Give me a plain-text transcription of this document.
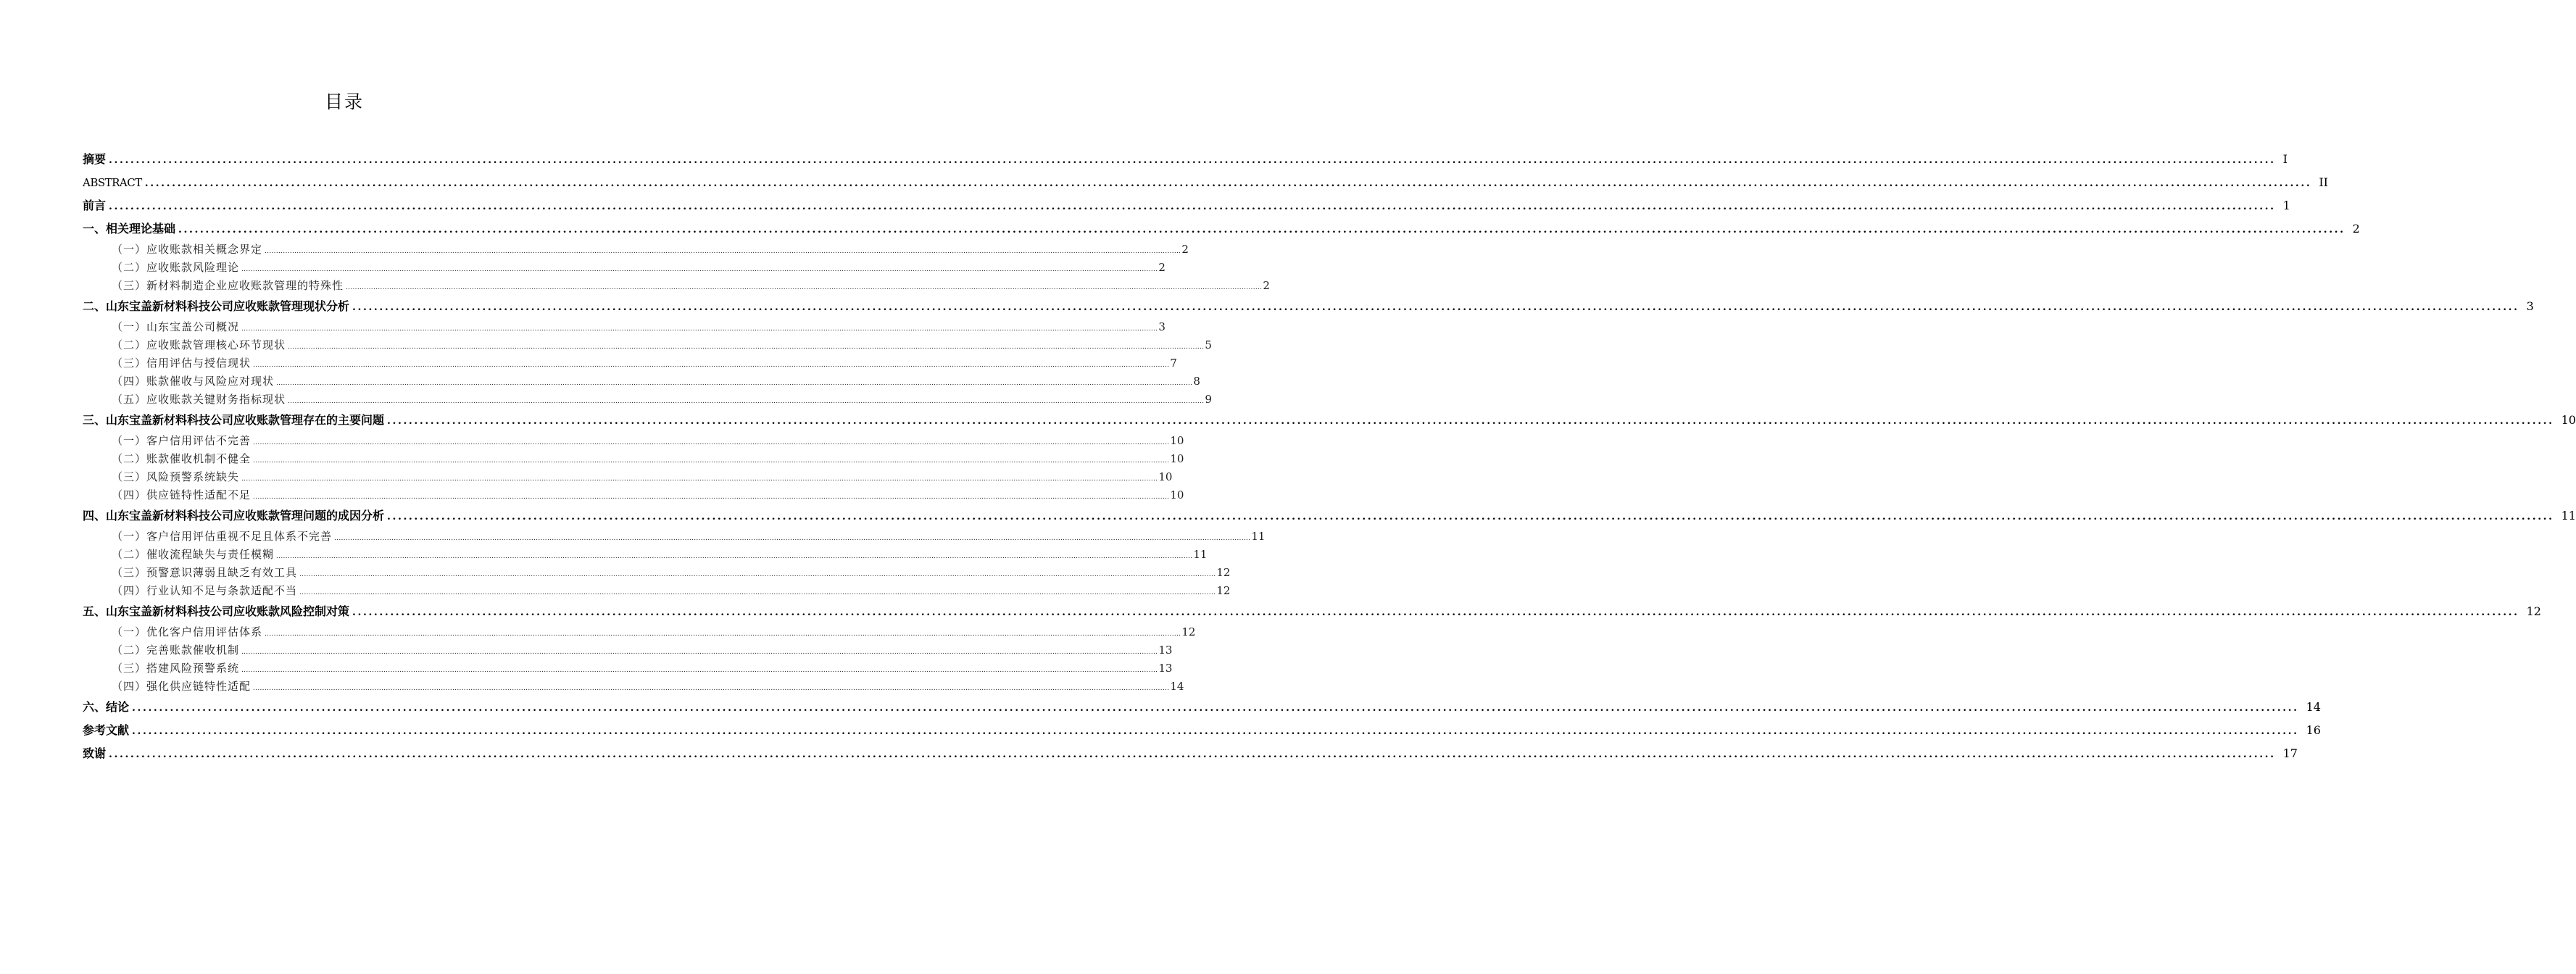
目录
摘要 ................................................................................................................................................................................................................................................................................................................................................................................................................ I
ABSTRACT ................................................................................................................................................................................................................................................................................................................................................................................................................ II
前言 ................................................................................................................................................................................................................................................................................................................................................................................................................ 1
一、相关理论基础 ................................................................................................................................................................................................................................................................................................................................................................................................................ 2
（一）应收账款相关概念界定 ................................................................................................................................................................................................................................................................................................................................................................................................................ 2
（二）应收账款风险理论 ................................................................................................................................................................................................................................................................................................................................................................................................................ 2
（三）新材料制造企业应收账款管理的特殊性 ................................................................................................................................................................................................................................................................................................................................................................................................................ 2
二、山东宝盖新材料科技公司应收账款管理现状分析 ................................................................................................................................................................................................................................................................................................................................................................................................................ 3
（一）山东宝盖公司概况 ................................................................................................................................................................................................................................................................................................................................................................................................................ 3
（二）应收账款管理核心环节现状 ................................................................................................................................................................................................................................................................................................................................................................................................................ 5
（三）信用评估与授信现状 ................................................................................................................................................................................................................................................................................................................................................................................................................ 7
（四）账款催收与风险应对现状 ................................................................................................................................................................................................................................................................................................................................................................................................................ 8
（五）应收账款关键财务指标现状 ................................................................................................................................................................................................................................................................................................................................................................................................................ 9
三、山东宝盖新材料科技公司应收账款管理存在的主要问题 ................................................................................................................................................................................................................................................................................................................................................................................................................ 10
（一）客户信用评估不完善 ................................................................................................................................................................................................................................................................................................................................................................................................................ 10
（二）账款催收机制不健全 ................................................................................................................................................................................................................................................................................................................................................................................................................ 10
（三）风险预警系统缺失 ................................................................................................................................................................................................................................................................................................................................................................................................................ 10
（四）供应链特性适配不足 ................................................................................................................................................................................................................................................................................................................................................................................................................ 10
四、山东宝盖新材料科技公司应收账款管理问题的成因分析 ................................................................................................................................................................................................................................................................................................................................................................................................................ 11
（一）客户信用评估重视不足且体系不完善 ................................................................................................................................................................................................................................................................................................................................................................................................................ 11
（二）催收流程缺失与责任模糊 ................................................................................................................................................................................................................................................................................................................................................................................................................ 11
（三）预警意识薄弱且缺乏有效工具 ................................................................................................................................................................................................................................................................................................................................................................................................................ 12
（四）行业认知不足与条款适配不当 ................................................................................................................................................................................................................................................................................................................................................................................................................ 12
五、山东宝盖新材料科技公司应收账款风险控制对策 ................................................................................................................................................................................................................................................................................................................................................................................................................ 12
（一）优化客户信用评估体系 ................................................................................................................................................................................................................................................................................................................................................................................................................ 12
（二）完善账款催收机制 ................................................................................................................................................................................................................................................................................................................................................................................................................ 13
（三）搭建风险预警系统 ................................................................................................................................................................................................................................................................................................................................................................................................................ 13
（四）强化供应链特性适配 ................................................................................................................................................................................................................................................................................................................................................................................................................ 14
六、结论 ................................................................................................................................................................................................................................................................................................................................................................................................................ 14
参考文献 ................................................................................................................................................................................................................................................................................................................................................................................................................ 16
致谢 ................................................................................................................................................................................................................................................................................................................................................................................................................ 17
